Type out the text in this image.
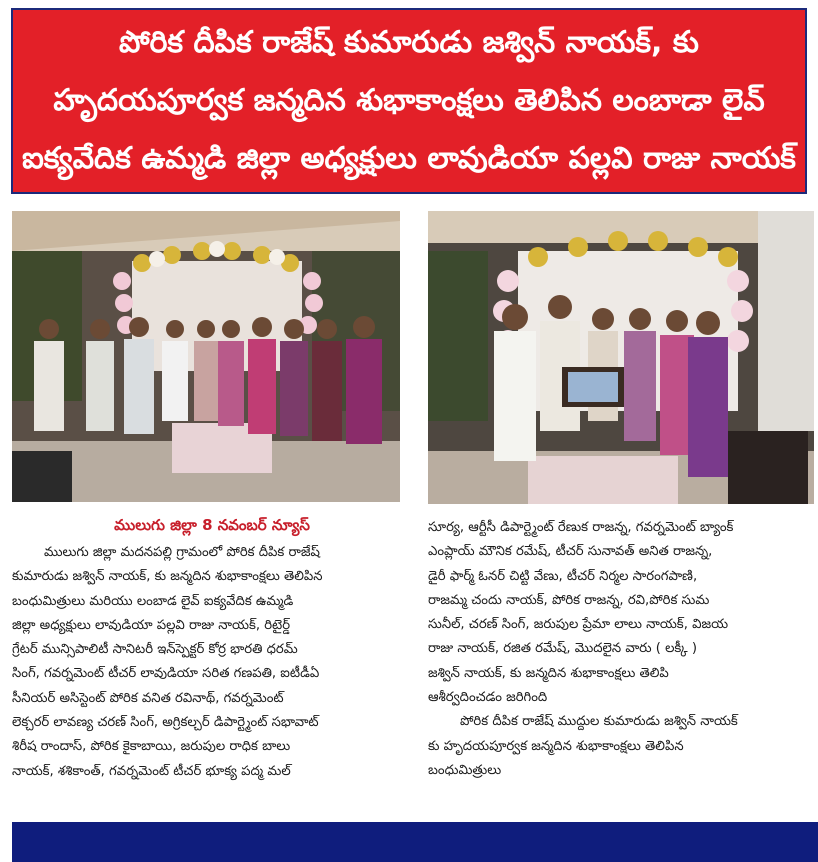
పోరిక దీపిక రాజేష్ కుమారుడు జశ్విన్ నాయక్, కు
హృదయపూర్వక జన్మదిన శుభాకాంక్షలు తెలిపిన లంబాడా లైవ్
ఐక్యవేదిక ఉమ్మడి జిల్లా అధ్యక్షులు లావుడియా పల్లవి రాజు నాయక్
ములుగు జిల్లా 8 నవంబర్ న్యూస్

ములుగు జిల్లా మదనపల్లి గ్రామంలో పోరిక దీపిక రాజేష్

కుమారుడు జశ్విన్ నాయక్, కు జన్మదిన శుభాకాంక్షలు తెలిపిన

బంధుమిత్రులు మరియు లంబాడ లైవ్ ఐక్యవేదిక ఉమ్మడి

జిల్లా అధ్యక్షులు లావుడియా పల్లవి రాజు నాయక్, రిటైర్డ్

గ్రేటర్ మున్సిపాలిటీ సానిటరీ ఇన్‌స్పెక్టర్ కోర్ర భారతి ధరమ్

సింగ్, గవర్నమెంట్ టీచర్ లావుడియా సరిత గణపతి, ఐటీడీఏ

సీనియర్ అసిస్టెంట్ పోరిక వనిత రవినాథ్, గవర్నమెంట్

లెక్చరర్ లావణ్య చరణ్ సింగ్, అగ్రికల్చర్ డిపార్ట్మెంట్ సభావాట్

శిరీష రాందాస్, పోరిక కైకాబాయి, జరుపుల రాధిక బాలు

నాయక్, శశికాంత్, గవర్నమెంట్ టీచర్ భూక్య పద్మ మల్

సూర్య, ఆర్టీసీ డిపార్ట్మెంట్ రేణుక రాజన్న, గవర్నమెంట్ బ్యాంక్

ఎంప్లాయ్ మౌనిక రమేష్, టీచర్ సునావత్ అనిత రాజన్న,

డైరీ ఫార్మ్ ఓనర్ చిట్టి వేణు, టీచర్ నిర్మల సారంగపాణి,

రాజమ్మ చందు నాయక్, పోరిక రాజన్న, రవి,పోరిక సుమ

సునీల్, చరణ్ సింగ్, జరుపుల ప్రేమా లాలు నాయక్, విజయ

రాజు నాయక్, రజిత రమేష్, మొదలైన వారు ( లక్కీ )

జశ్విన్ నాయక్, కు జన్మదిన శుభాకాంక్షలు తెలిపి

ఆశీర్వదించడం జరిగింది

పోరిక దీపిక రాజేష్ ముద్దుల కుమారుడు జశ్విన్ నాయక్

కు హృదయపూర్వక జన్మదిన శుభాకాంక్షలు తెలిపిన

బంధుమిత్రులు
